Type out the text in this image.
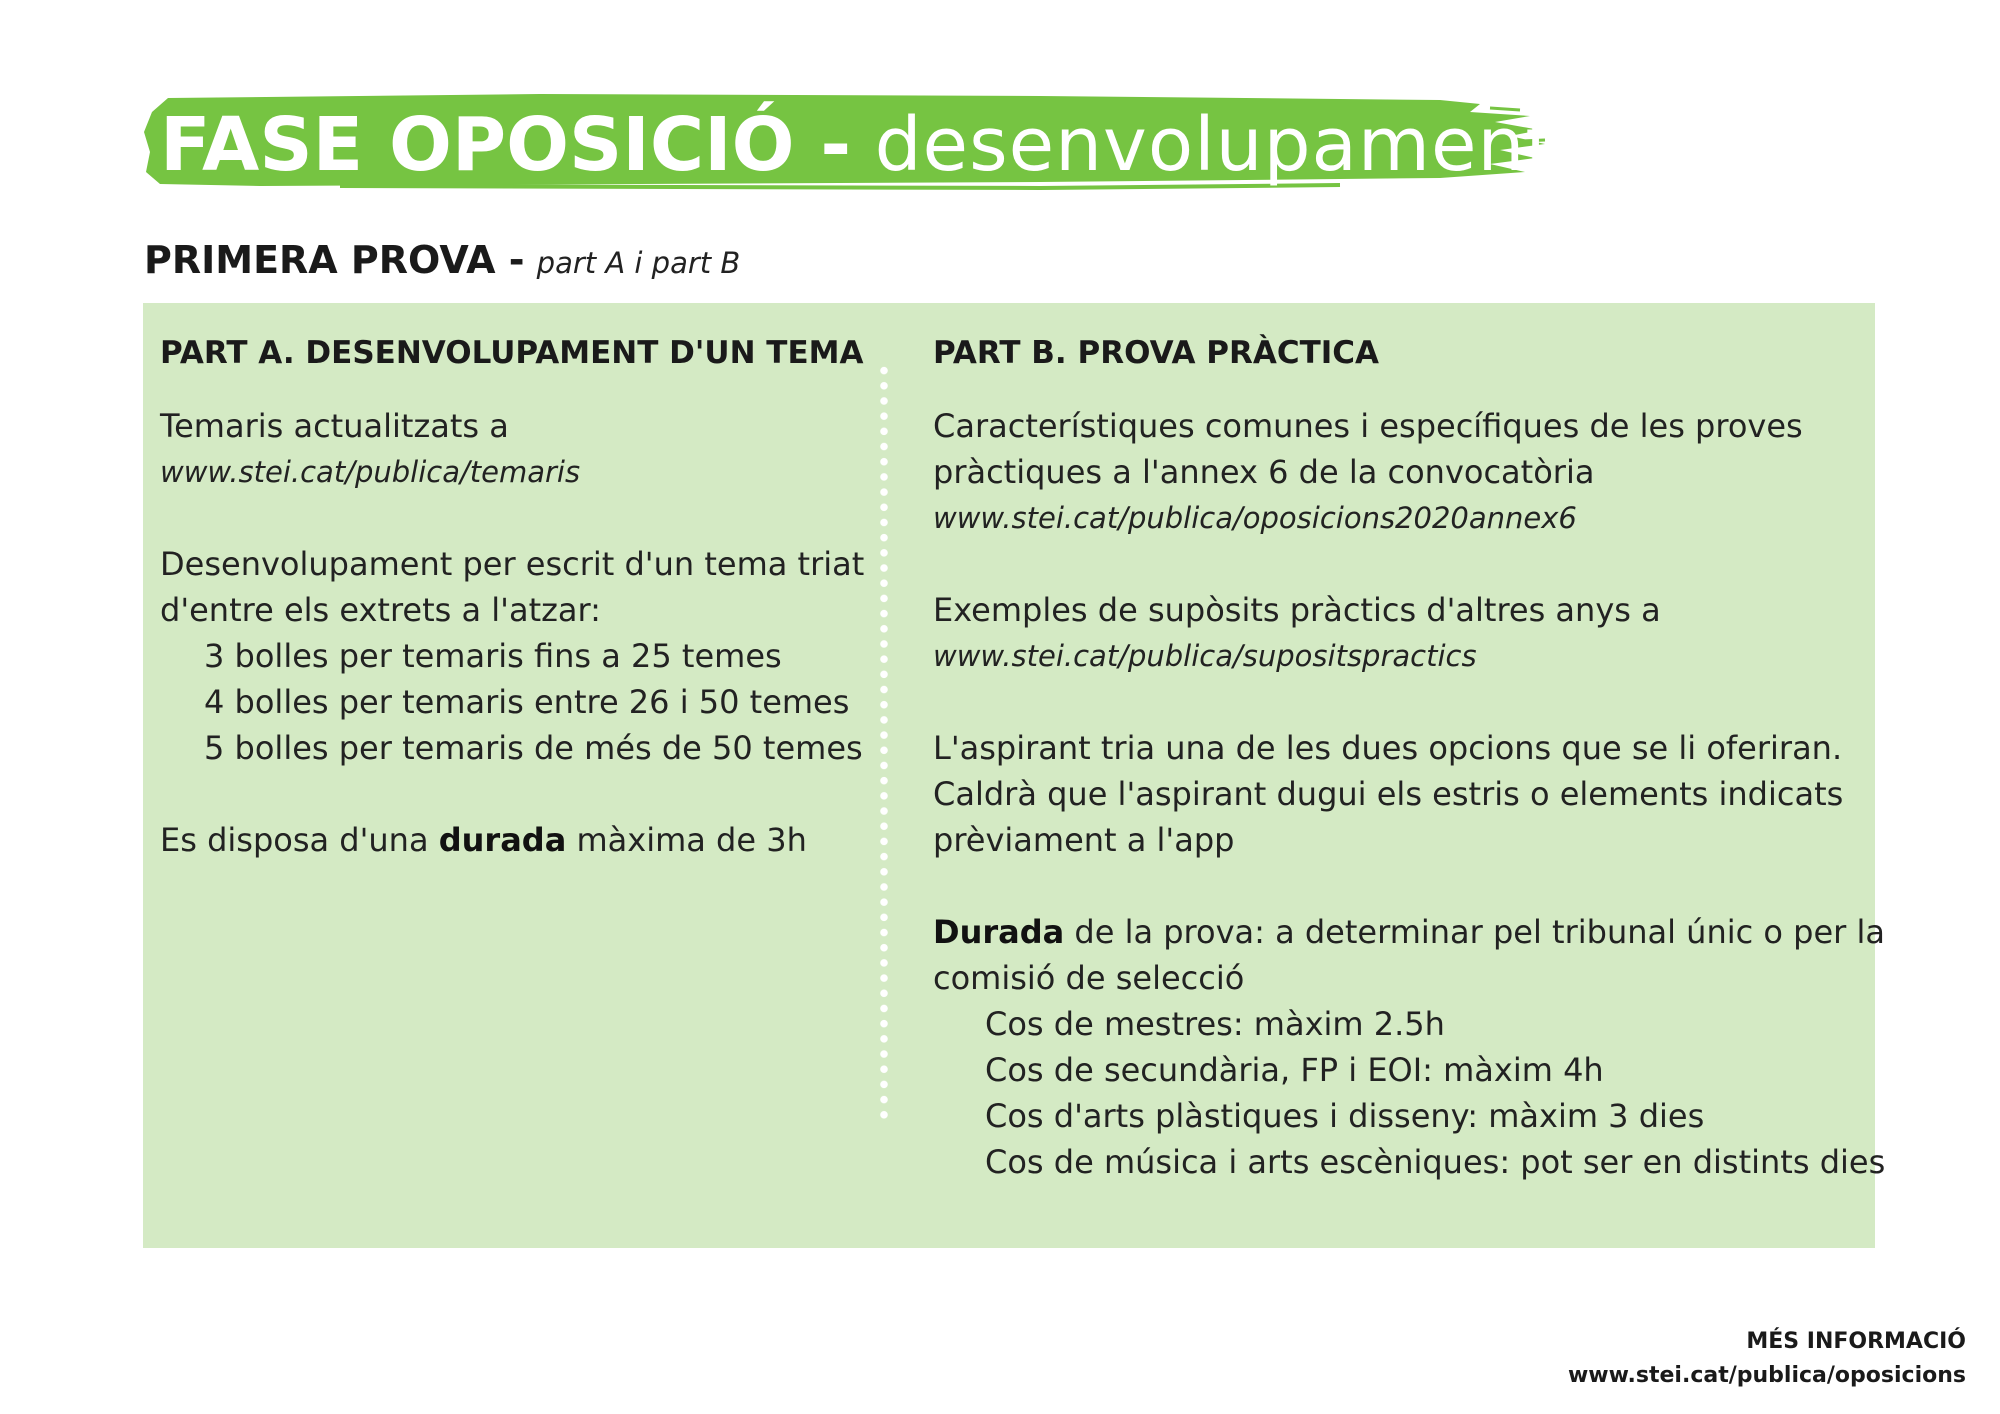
FASE OPOSICIÓ - desenvolupament
PRIMERA PROVA - part A i part B
PART A. DESENVOLUPAMENT D'UN TEMA
Temaris actualitzats a
www.stei.cat/publica/temaris
Desenvolupament per escrit d'un tema triat
d'entre els extrets a l'atzar:
3 bolles per temaris fins a 25 temes
4 bolles per temaris entre 26 i 50 temes
5 bolles per temaris de més de 50 temes
Es disposa d'una durada màxima de 3h
PART B. PROVA PRÀCTICA
Característiques comunes i específiques de les proves
pràctiques a l'annex 6 de la convocatòria
www.stei.cat/publica/oposicions2020annex6
Exemples de supòsits pràctics d'altres anys a
www.stei.cat/publica/supositspractics
L'aspirant tria una de les dues opcions que se li oferiran.
Caldrà que l'aspirant dugui els estris o elements indicats
prèviament a l'app
Durada de la prova: a determinar pel tribunal únic o per la
comisió de selecció
Cos de mestres: màxim 2.5h
Cos de secundària, FP i EOI: màxim 4h
Cos d'arts plàstiques i disseny: màxim 3 dies
Cos de música i arts escèniques: pot ser en distints dies
MÉS INFORMACIÓ
www.stei.cat/publica/oposicions
